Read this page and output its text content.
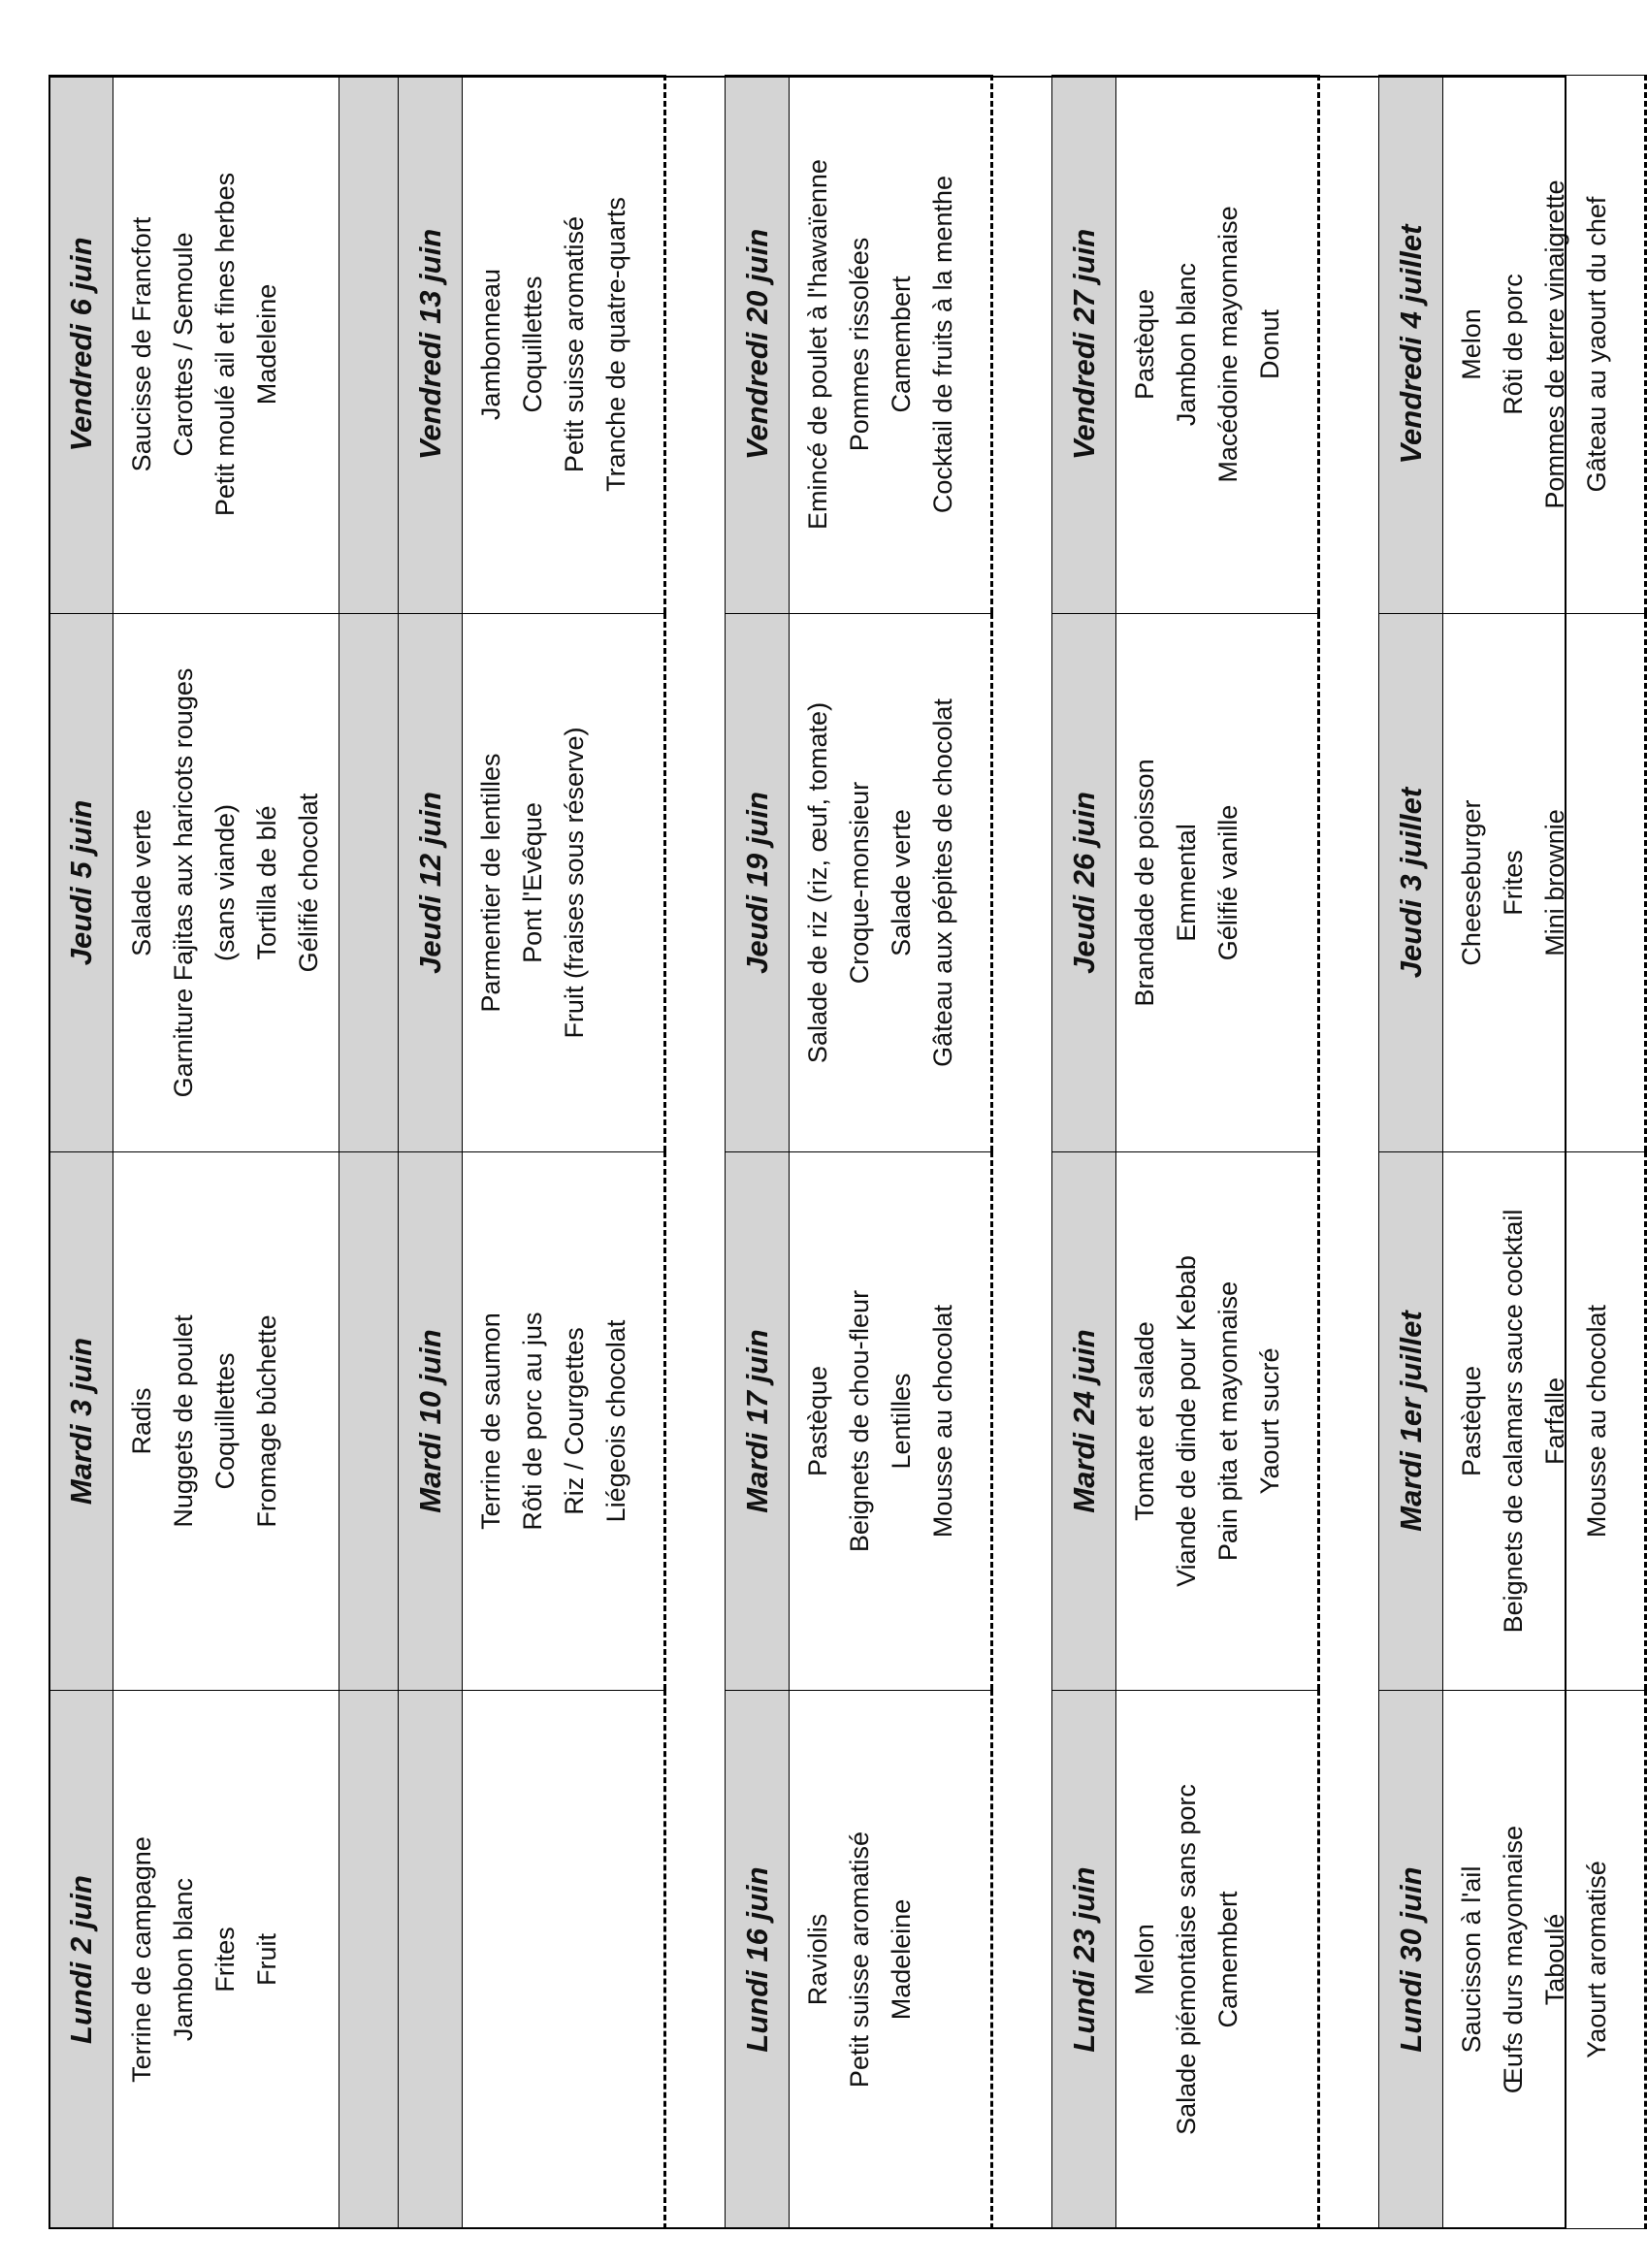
Lundi 2 juin	Mardi 3 juin	Jeudi 5 juin	Vendredi 6 juin

Terrine de campagne Jambon blanc Frites Fruit	Radis Nuggets de poulet Coquillettes Fromage bûchette	Salade verte Garniture Fajitas aux haricots rouges (sans viande) Tortilla de blé Gélifié chocolat	Saucisse de Francfort Carottes / Semoule Petit moulé ail et fines herbes Madeleine

	Mardi 10 juin	Jeudi 12 juin	Vendredi 13 juin

	Terrine de saumon Rôti de porc au jus Riz / Courgettes Liégeois chocolat	Parmentier de lentilles Pont l'Evêque Fruit (fraises sous réserve)	Jambonneau Coquillettes Petit suisse aromatisé Tranche de quatre-quarts

Lundi 16 juin	Mardi 17 juin	Jeudi 19 juin	Vendredi 20 juin

Raviolis Petit suisse aromatisé Madeleine	Pastèque Beignets de chou-fleur Lentilles Mousse au chocolat	Salade de riz (riz, œuf, tomate) Croque-monsieur Salade verte Gâteau aux pépites de chocolat	Emincé de poulet à l'hawaïenne Pommes rissolées Camembert Cocktail de fruits à la menthe

Lundi 23 juin	Mardi 24 juin	Jeudi 26 juin	Vendredi 27 juin

Melon Salade piémontaise sans porc Camembert	Tomate et salade Viande de dinde pour Kebab Pain pita et mayonnaise Yaourt sucré	Brandade de poisson Emmental Gélifié vanille	Pastèque Jambon blanc Macédoine mayonnaise Donut

Lundi 30 juin	Mardi 1er juillet	Jeudi 3 juillet	Vendredi 4 juillet

Saucisson à l'ail Œufs durs mayonnaise Taboulé Yaourt aromatisé	Pastèque Beignets de calamars sauce cocktail Farfalle Mousse au chocolat	Cheeseburger Frites Mini brownie	Melon Rôti de porc Pommes de terre vinaigrette Gâteau au yaourt du chef
